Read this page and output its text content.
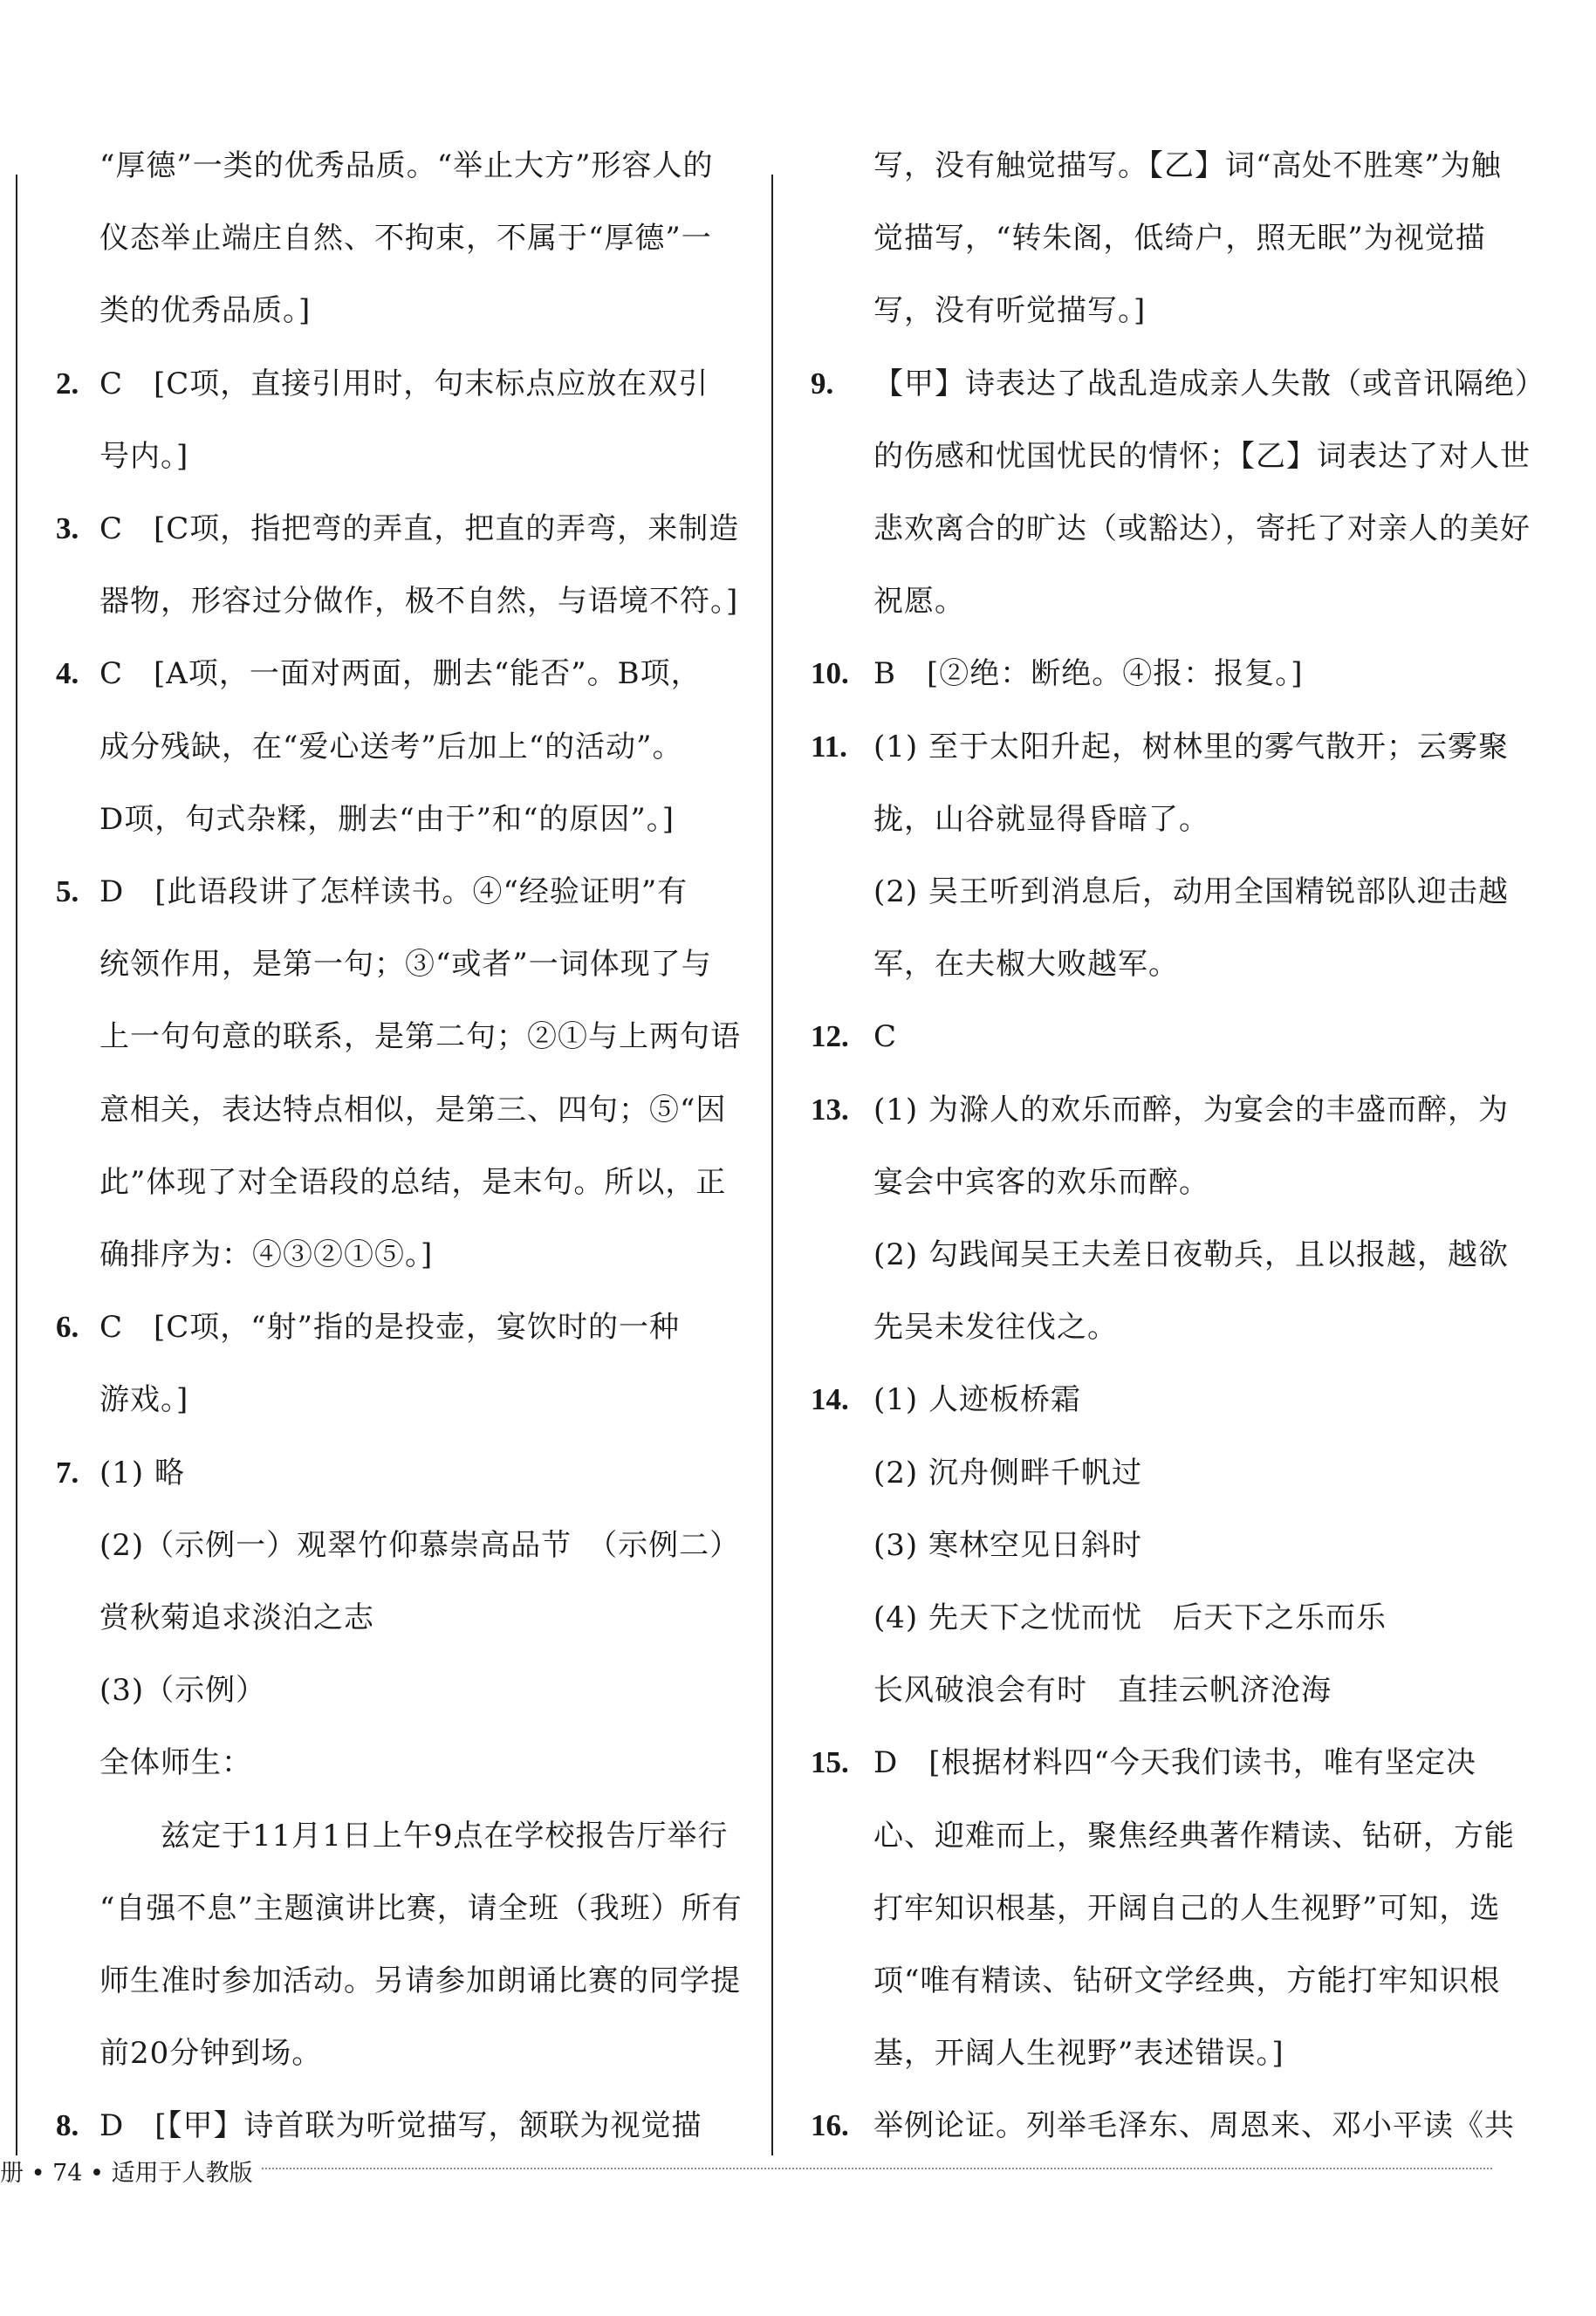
“厚德”一类的优秀品质。“举止大方”形容人的
仪态举止端庄自然、不拘束，不属于“厚德”一
类的优秀品质。]
2. C　[C项，直接引用时，句末标点应放在双引
号内。]
3. C　[C项，指把弯的弄直，把直的弄弯，来制造
器物，形容过分做作，极不自然，与语境不符。]
4. C　[A项，一面对两面，删去“能否”。B项，
成分残缺，在“爱心送考”后加上“的活动”。
D项，句式杂糅，删去“由于”和“的原因”。]
5. D　[此语段讲了怎样读书。④“经验证明”有
统领作用，是第一句；③“或者”一词体现了与
上一句句意的联系，是第二句；②①与上两句语
意相关，表达特点相似，是第三、四句；⑤“因
此”体现了对全语段的总结，是末句。所以，正
确排序为：④③②①⑤。]
6. C　[C项，“射”指的是投壶，宴饮时的一种
游戏。]
7. (1) 略
(2)（示例一）观翠竹仰慕崇高品节　（示例二）
赏秋菊追求淡泊之志
(3)（示例）
全体师生：
　　兹定于11月1日上午9点在学校报告厅举行
“自强不息”主题演讲比赛，请全班（我班）所有
师生准时参加活动。另请参加朗诵比赛的同学提
前20分钟到场。
8. D　[【甲】诗首联为听觉描写，颔联为视觉描
写，没有触觉描写。【乙】词“高处不胜寒”为触
觉描写，“转朱阁，低绮户，照无眠”为视觉描
写，没有听觉描写。]
9. 【甲】诗表达了战乱造成亲人失散（或音讯隔绝）
的伤感和忧国忧民的情怀；【乙】词表达了对人世
悲欢离合的旷达（或豁达），寄托了对亲人的美好
祝愿。
10. B　[②绝：断绝。④报：报复。]
11. (1) 至于太阳升起，树林里的雾气散开；云雾聚
拢，山谷就显得昏暗了。
(2) 吴王听到消息后，动用全国精锐部队迎击越
军，在夫椒大败越军。
12. C
13. (1) 为滁人的欢乐而醉，为宴会的丰盛而醉，为
宴会中宾客的欢乐而醉。
(2) 勾践闻吴王夫差日夜勒兵，且以报越，越欲
先吴未发往伐之。
14. (1) 人迹板桥霜
(2) 沉舟侧畔千帆过
(3) 寒林空见日斜时
(4) 先天下之忧而忧　后天下之乐而乐
长风破浪会有时　直挂云帆济沧海
15. D　[根据材料四“今天我们读书，唯有坚定决
心、迎难而上，聚焦经典著作精读、钻研，方能
打牢知识根基，开阔自己的人生视野”可知，选
项“唯有精读、钻研文学经典，方能打牢知识根
基，开阔人生视野”表述错误。]
16. 举例论证。列举毛泽东、周恩来、邓小平读《共
册 • 74 • 适用于人教版
